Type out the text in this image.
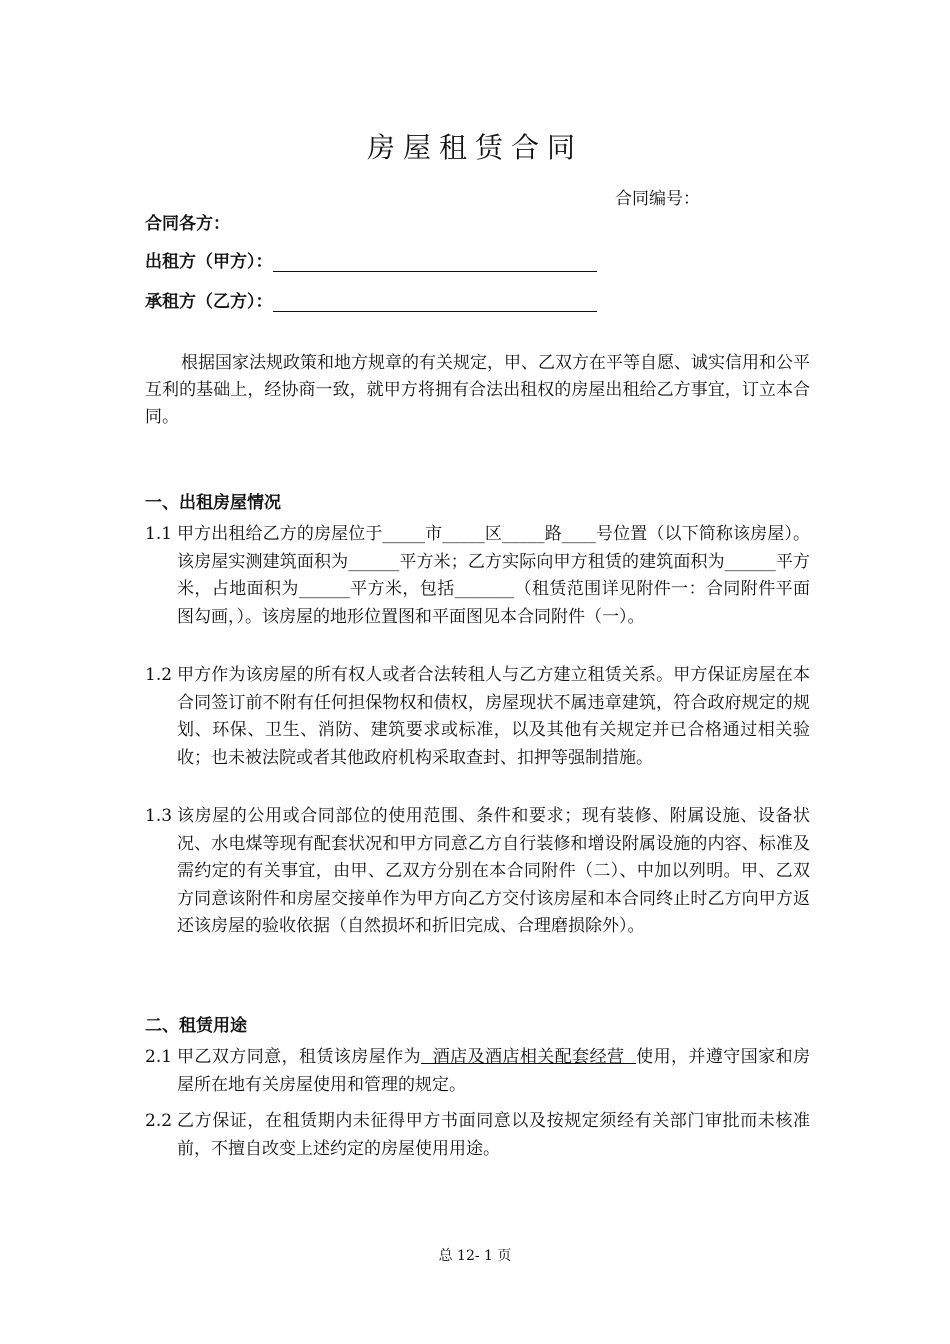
房屋租赁合同
合同编号：
合同各方：
出租方（甲方）：
承租方（乙方）：
根据国家法规政策和地方规章的有关规定，甲、乙双方在平等自愿、诚实信用和公平互利的基础上，经协商一致，就甲方将拥有合法出租权的房屋出租给乙方事宜，订立本合同。
一、出租房屋情况
1.1 甲方出租给乙方的房屋位于_____市_____区_____路____号位置（以下简称该房屋）。该房屋实测建筑面积为______平方米；乙方实际向甲方租赁的建筑面积为______平方米，占地面积为______平方米，包括_______（租赁范围详见附件一：合同附件平面图勾画，）。该房屋的地形位置图和平面图见本合同附件（一）。
1.2 甲方作为该房屋的所有权人或者合法转租人与乙方建立租赁关系。甲方保证房屋在本合同签订前不附有任何担保物权和债权，房屋现状不属违章建筑，符合政府规定的规划、环保、卫生、消防、建筑要求或标准，以及其他有关规定并已合格通过相关验收；也未被法院或者其他政府机构采取查封、扣押等强制措施。
1.3 该房屋的公用或合同部位的使用范围、条件和要求；现有装修、附属设施、设备状况、水电煤等现有配套状况和甲方同意乙方自行装修和增设附属设施的内容、标准及需约定的有关事宜，由甲、乙双方分别在本合同附件（二）、中加以列明。甲、乙双方同意该附件和房屋交接单作为甲方向乙方交付该房屋和本合同终止时乙方向甲方返还该房屋的验收依据（自然损坏和折旧完成、合理磨损除外）。
二、租赁用途
2.1 甲乙双方同意，租赁该房屋作为  酒店及酒店相关配套经营  使用，并遵守国家和房屋所在地有关房屋使用和管理的规定。
2.2 乙方保证，在租赁期内未征得甲方书面同意以及按规定须经有关部门审批而未核准前，不擅自改变上述约定的房屋使用用途。
总 12- 1 页
